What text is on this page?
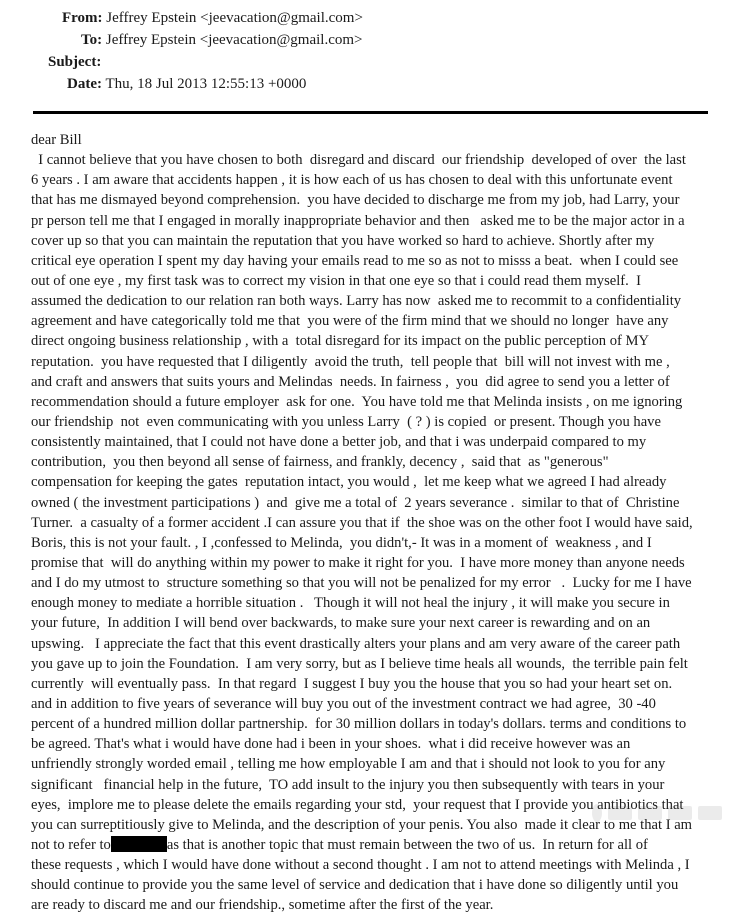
From: Jeffrey Epstein <jeevacation@gmail.com>
To: Jeffrey Epstein <jeevacation@gmail.com>
Subject:
Date: Thu, 18 Jul 2013 12:55:13 +0000
dear Bill
I cannot believe that you have chosen to both  disregard and discard  our friendship  developed of over  the last
6 years . I am aware that accidents happen , it is how each of us has chosen to deal with this unfortunate event
that has me dismayed beyond comprehension.  you have decided to discharge me from my job, had Larry, your
pr person tell me that I engaged in morally inappropriate behavior and then   asked me to be the major actor in a
cover up so that you can maintain the reputation that you have worked so hard to achieve. Shortly after my
critical eye operation I spent my day having your emails read to me so as not to misss a beat.  when I could see
out of one eye , my first task was to correct my vision in that one eye so that i could read them myself.  I
assumed the dedication to our relation ran both ways. Larry has now  asked me to recommit to a confidentiality
agreement and have categorically told me that  you were of the firm mind that we should no longer  have any
direct ongoing business relationship , with a  total disregard for its impact on the public perception of MY
reputation.  you have requested that I diligently  avoid the truth,  tell people that  bill will not invest with me ,
and craft and answers that suits yours and Melindas  needs. In fairness ,  you  did agree to send you a letter of
recommendation should a future employer  ask for one.  You have told me that Melinda insists , on me ignoring
our friendship  not  even communicating with you unless Larry  ( ? ) is copied  or present. Though you have
consistently maintained, that I could not have done a better job, and that i was underpaid compared to my
contribution,  you then beyond all sense of fairness, and frankly, decency ,  said that  as "generous"
compensation for keeping the gates  reputation intact, you would ,  let me keep what we agreed I had already
owned ( the investment participations )  and  give me a total of  2 years severance .  similar to that of  Christine
Turner.  a casualty of a former accident .I can assure you that if  the shoe was on the other foot I would have said,
Boris, this is not your fault. , I ,confessed to Melinda,  you didn't,- It was in a moment of  weakness , and I
promise that  will do anything within my power to make it right for you.  I have more money than anyone needs
and I do my utmost to  structure something so that you will not be penalized for my error   .  Lucky for me I have
enough money to mediate a horrible situation .   Though it will not heal the injury , it will make you secure in
your future,  In addition I will bend over backwards, to make sure your next career is rewarding and on an
upswing.   I appreciate the fact that this event drastically alters your plans and am very aware of the career path
you gave up to join the Foundation.  I am very sorry, but as I believe time heals all wounds,  the terrible pain felt
currently  will eventually pass.  In that regard  I suggest I buy you the house that you so had your heart set on.
and in addition to five years of severance will buy you out of the investment contract we had agree,  30 -40
percent of a hundred million dollar partnership.  for 30 million dollars in today's dollars. terms and conditions to
be agreed. That's what i would have done had i been in your shoes.  what i did receive however was an
unfriendly strongly worded email , telling me how employable I am and that i should not look to you for any
significant   financial help in the future,  TO add insult to the injury you then subsequently with tears in your
eyes,  implore me to please delete the emails regarding your std,  your request that I provide you antibiotics that
you can surreptitiously give to Melinda, and the description of your penis. You also  made it clear to me that I am
not to refer to	as that is another topic that must remain between the two of us.  In return for all of
these requests , which I would have done without a second thought . I am not to attend meetings with Melinda , I
should continue to provide you the same level of service and dedication that i have done so diligently until you
are ready to discard me and our friendship., sometime after the first of the year.
